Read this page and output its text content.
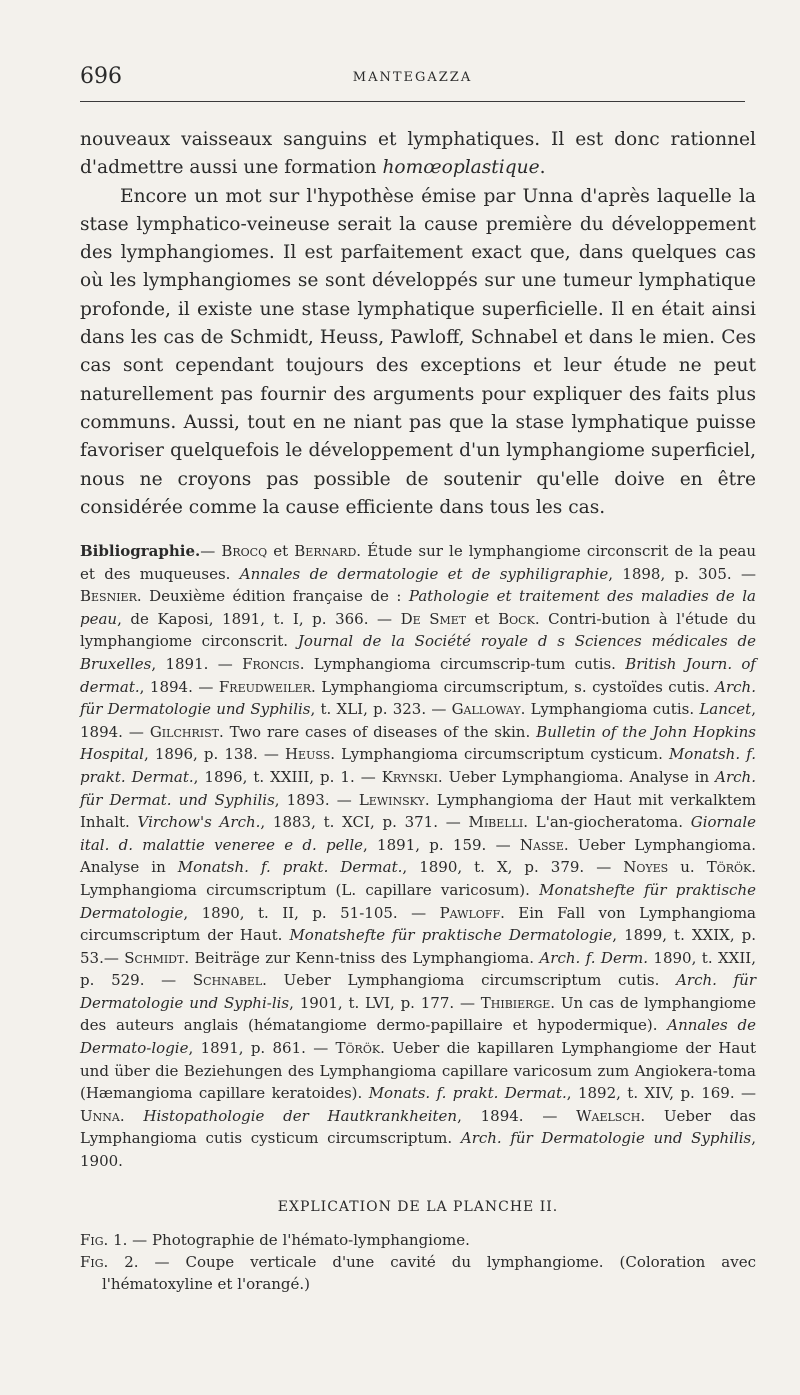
696	MANTEGAZZA

nouveaux vaisseaux sanguins et lymphatiques. Il est donc rationnel d'admettre aussi une formation homœoplastique.

Encore un mot sur l'hypothèse émise par Unna d'après laquelle la stase lymphatico-veineuse serait la cause première du développement des lymphangiomes. Il est parfaitement exact que, dans quelques cas où les lymphangiomes se sont développés sur une tumeur lymphatique profonde, il existe une stase lymphatique superficielle. Il en était ainsi dans les cas de Schmidt, Heuss, Pawloff, Schnabel et dans le mien. Ces cas sont cependant toujours des exceptions et leur étude ne peut naturellement pas fournir des arguments pour expliquer des faits plus communs. Aussi, tout en ne niant pas que la stase lymphatique puisse favoriser quelquefois le développement d'un lymphangiome superficiel, nous ne croyons pas possible de soutenir qu'elle doive en être considérée comme la cause efficiente dans tous les cas.

Bibliographie.— Brocq et Bernard. Étude sur le lymphangiome circonscrit de la peau et des muqueuses. Annales de dermatologie et de syphiligraphie, 1898, p. 305. — Besnier. Deuxième édition française de : Pathologie et traitement des maladies de la peau, de Kaposi, 1891, t. I, p. 366. — De Smet et Bock. Contri-bution à l'étude du lymphangiome circonscrit. Journal de la Société royale d s Sciences médicales de Bruxelles, 1891. — Froncis. Lymphangioma circumscrip-tum cutis. British Journ. of dermat., 1894. — Freudweiler. Lymphangioma circumscriptum, s. cystoïdes cutis. Arch. für Dermatologie und Syphilis, t. XLI, p. 323. — Galloway. Lymphangioma cutis. Lancet, 1894. — Gilchrist. Two rare cases of diseases of the skin. Bulletin of the John Hopkins Hospital, 1896, p. 138. — Heuss. Lymphangioma circumscriptum cysticum. Monatsh. f. prakt. Dermat., 1896, t. XXIII, p. 1. — Krynski. Ueber Lymphangioma. Analyse in Arch. für Dermat. und Syphilis, 1893. — Lewinsky. Lymphangioma der Haut mit verkalktem Inhalt. Virchow's Arch., 1883, t. XCI, p. 371. — Mibelli. L'an-giocheratoma. Giornale ital. d. malattie veneree e d. pelle, 1891, p. 159. — Nasse. Ueber Lymphangioma. Analyse in Monatsh. f. prakt. Dermat., 1890, t. X, p. 379. — Noyes u. Török. Lymphangioma circumscriptum (L. capillare varicosum). Monatshefte für praktische Dermatologie, 1890, t. II, p. 51-105. — Pawloff. Ein Fall von Lymphangioma circumscriptum der Haut. Monatshefte für praktische Dermatologie, 1899, t. XXIX, p. 53.— Schmidt. Beiträge zur Kenn-tniss des Lymphangioma. Arch. f. Derm. 1890, t. XXII, p. 529. — Schnabel. Ueber Lymphangioma circumscriptum cutis. Arch. für Dermatologie und Syphi-lis, 1901, t. LVI, p. 177. — Thibierge. Un cas de lymphangiome des auteurs anglais (hématangiome dermo-papillaire et hypodermique). Annales de Dermato-logie, 1891, p. 861. — Török. Ueber die kapillaren Lymphangiome der Haut und über die Beziehungen des Lymphangioma capillare varicosum zum Angiokera-toma (Hæmangioma capillare keratoides). Monats. f. prakt. Dermat., 1892, t. XIV, p. 169. — Unna. Histopathologie der Hautkrankheiten, 1894. — Waelsch. Ueber das Lymphangioma cutis cysticum circumscriptum. Arch. für Dermatologie und Syphilis, 1900.

EXPLICATION DE LA PLANCHE II.

Fig. 1. — Photographie de l'hémato-lymphangiome.

Fig. 2. — Coupe verticale d'une cavité du lymphangiome. (Coloration avec l'hématoxyline et l'orangé.)
